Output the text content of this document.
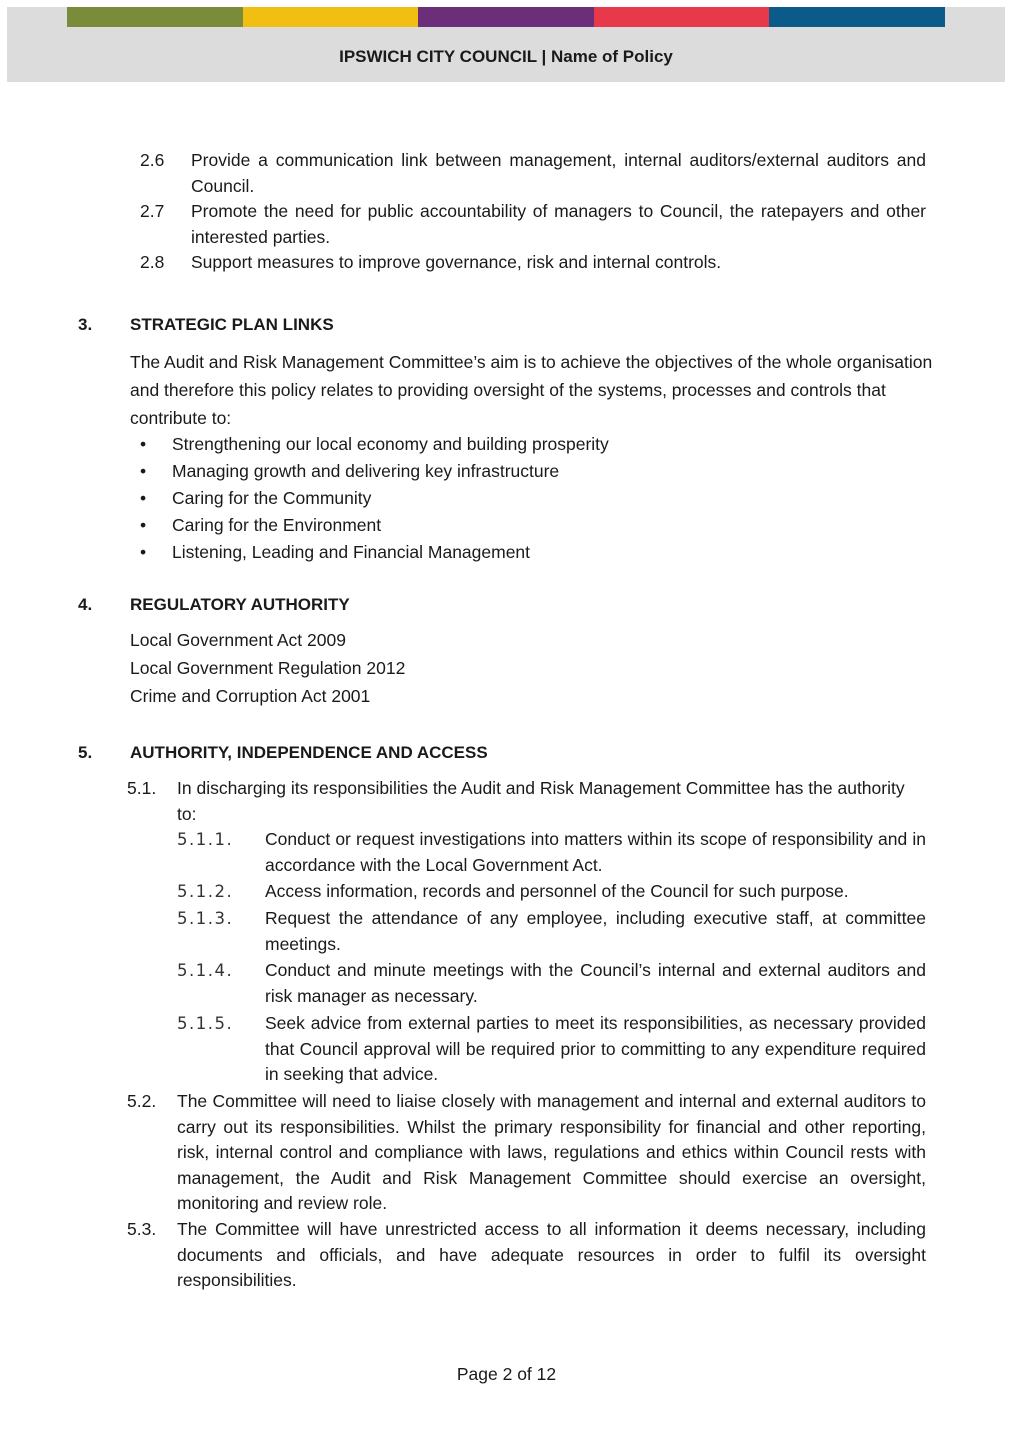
IPSWICH CITY COUNCIL | Name of Policy
2.6 Provide a communication link between management, internal auditors/external auditors and Council.
2.7 Promote the need for public accountability of managers to Council, the ratepayers and other interested parties.
2.8 Support measures to improve governance, risk and internal controls.
3. STRATEGIC PLAN LINKS
The Audit and Risk Management Committee’s aim is to achieve the objectives of the whole organisation and therefore this policy relates to providing oversight of the systems, processes and controls that contribute to:
•	Strengthening our local economy and building prosperity
•	Managing growth and delivering key infrastructure
•	Caring for the Community
•	Caring for the Environment
•	Listening, Leading and Financial Management
4. REGULATORY AUTHORITY
Local Government Act 2009
Local Government Regulation 2012
Crime and Corruption Act 2001
5. AUTHORITY, INDEPENDENCE AND ACCESS
5.1. In discharging its responsibilities the Audit and Risk Management Committee has the authority to:
5.1.1. Conduct or request investigations into matters within its scope of responsibility and in accordance with the Local Government Act.
5.1.2. Access information, records and personnel of the Council for such purpose.
5.1.3. Request the attendance of any employee, including executive staff, at committee meetings.
5.1.4. Conduct and minute meetings with the Council’s internal and external auditors and risk manager as necessary.
5.1.5. Seek advice from external parties to meet its responsibilities, as necessary provided that Council approval will be required prior to committing to any expenditure required in seeking that advice.
5.2. The Committee will need to liaise closely with management and internal and external auditors to carry out its responsibilities. Whilst the primary responsibility for financial and other reporting, risk, internal control and compliance with laws, regulations and ethics within Council rests with management, the Audit and Risk Management Committee should exercise an oversight, monitoring and review role.
5.3. The Committee will have unrestricted access to all information it deems necessary, including documents and officials, and have adequate resources in order to fulfil its oversight responsibilities.
Page 2 of 12
